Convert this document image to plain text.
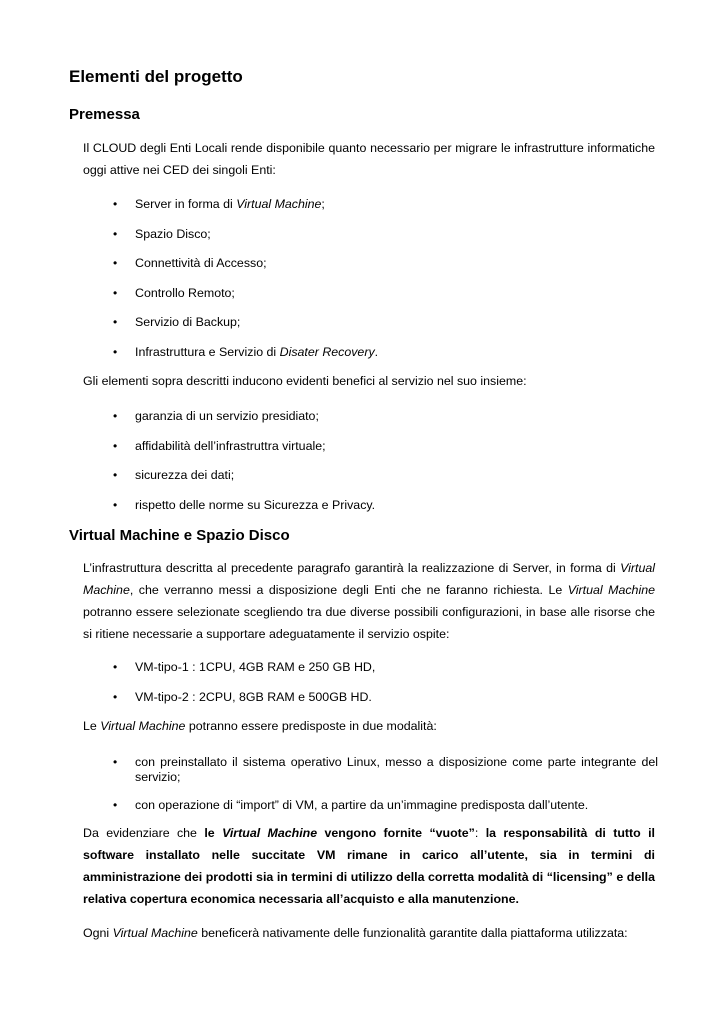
Elementi del progetto
Premessa

Il CLOUD degli Enti Locali rende disponibile quanto necessario per migrare le infrastrutture informatiche oggi attive nei CED dei singoli Enti:

• Server in forma di Virtual Machine;
• Spazio Disco;
• Connettività di Accesso;
• Controllo Remoto;
• Servizio di Backup;
• Infrastruttura e Servizio di Disater Recovery.

Gli elementi sopra descritti inducono evidenti benefici al servizio nel suo insieme:

• garanzia di un servizio presidiato;
• affidabilità dell’infrastruttra virtuale;
• sicurezza dei dati;
• rispetto delle norme su Sicurezza e Privacy.
Virtual Machine e Spazio Disco

L’infrastruttura descritta al precedente paragrafo garantirà la realizzazione di Server, in forma di Virtual Machine, che verranno messi a disposizione degli Enti che ne faranno richiesta. Le Virtual Machine potranno essere selezionate scegliendo tra due diverse possibili configurazioni, in base alle risorse che si ritiene necessarie a supportare adeguatamente il servizio ospite:

• VM-tipo-1 : 1CPU, 4GB RAM e 250 GB HD,
• VM-tipo-2 : 2CPU, 8GB RAM e 500GB HD.

Le Virtual Machine potranno essere predisposte in due modalità:

• con preinstallato il sistema operativo Linux, messo a disposizione come parte integrante del servizio;
• con operazione di “import” di VM, a partire da un’immagine predisposta dall’utente.

Da evidenziare che le Virtual Machine vengono fornite “vuote”: la responsabilità di tutto il software installato nelle succitate VM rimane in carico all’utente, sia in termini di amministrazione dei prodotti sia in termini di utilizzo della corretta modalità di “licensing” e della relativa copertura economica necessaria all’acquisto e alla manutenzione.

Ogni Virtual Machine beneficerà nativamente delle funzionalità garantite dalla piattaforma utilizzata:
